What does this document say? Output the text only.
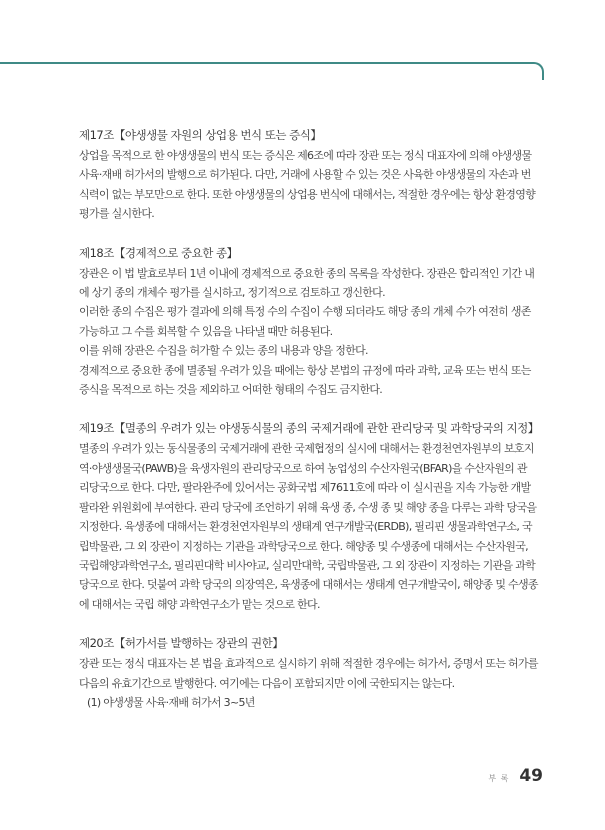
제17조【야생생물 자원의 상업용 번식 또는 증식】

상업을 목적으로 한 야생생물의 번식 또는 증식은 제6조에 따라 장관 또는 정식 대표자에 의해 야생생물

사육·재배 허가서의 발행으로 허가된다. 다만, 거래에 사용할 수 있는 것은 사육한 야생생물의 자손과 번

식력이 없는 부모만으로 한다. 또한 야생생물의 상업용 번식에 대해서는, 적절한 경우에는 항상 환경영향

평가를 실시한다.

제18조【경제적으로 중요한 종】

장관은 이 법 발효로부터 1년 이내에 경제적으로 중요한 종의 목록을 작성한다. 장관은 합리적인 기간 내

에 상기 종의 개체수 평가를 실시하고, 정기적으로 검토하고 갱신한다.

이러한 종의 수집은 평가 결과에 의해 특정 수의 수집이 수행 되더라도 해당 종의 개체 수가 여전히 생존

가능하고 그 수를 회복할 수 있음을 나타낼 때만 허용된다.

이를 위해 장관은 수집을 허가할 수 있는 종의 내용과 양을 정한다.

경제적으로 중요한 종에 멸종될 우려가 있을 때에는 항상 본법의 규정에 따라 과학, 교육 또는 번식 또는

증식을 목적으로 하는 것을 제외하고 어떠한 형태의 수집도 금지한다.

제19조【멸종의 우려가 있는 야생동식물의 종의 국제거래에 관한 관리당국 및 과학당국의 지정】

멸종의 우려가 있는 동식물종의 국제거래에 관한 국제협정의 실시에 대해서는 환경천연자원부의 보호지

역·야생생물국(PAWB)을 육생자원의 관리당국으로 하여 농업성의 수산자원국(BFAR)을 수산자원의 관

리당국으로 한다. 다만, 팔라완주에 있어서는 공화국법 제7611호에 따라 이 실시권을 지속 가능한 개발

팔라완 위원회에 부여한다. 관리 당국에 조언하기 위해 육생 종, 수생 종 및 해양 종을 다루는 과학 당국을

지정한다. 육생종에 대해서는 환경천연자원부의 생태계 연구개발국(ERDB), 필리핀 생물과학연구소, 국

립박물관, 그 외 장관이 지정하는 기관을 과학당국으로 한다. 해양종 및 수생종에 대해서는 수산자원국,

국립해양과학연구소, 필리핀대학 비사야교, 실리만대학, 국립박물관, 그 외 장관이 지정하는 기관을 과학

당국으로 한다. 덧붙여 과학 당국의 의장역은, 육생종에 대해서는 생태계 연구개발국이, 해양종 및 수생종

에 대해서는 국립 해양 과학연구소가 맡는 것으로 한다.

제20조【허가서를 발행하는 장관의 권한】

장관 또는 정식 대표자는 본 법을 효과적으로 실시하기 위해 적절한 경우에는 허가서, 증명서 또는 허가를

다음의 유효기간으로 발행한다. 여기에는 다음이 포함되지만 이에 국한되지는 않는다.

(1) 야생생물 사육·재배 허가서 3~5년

부 록 49
